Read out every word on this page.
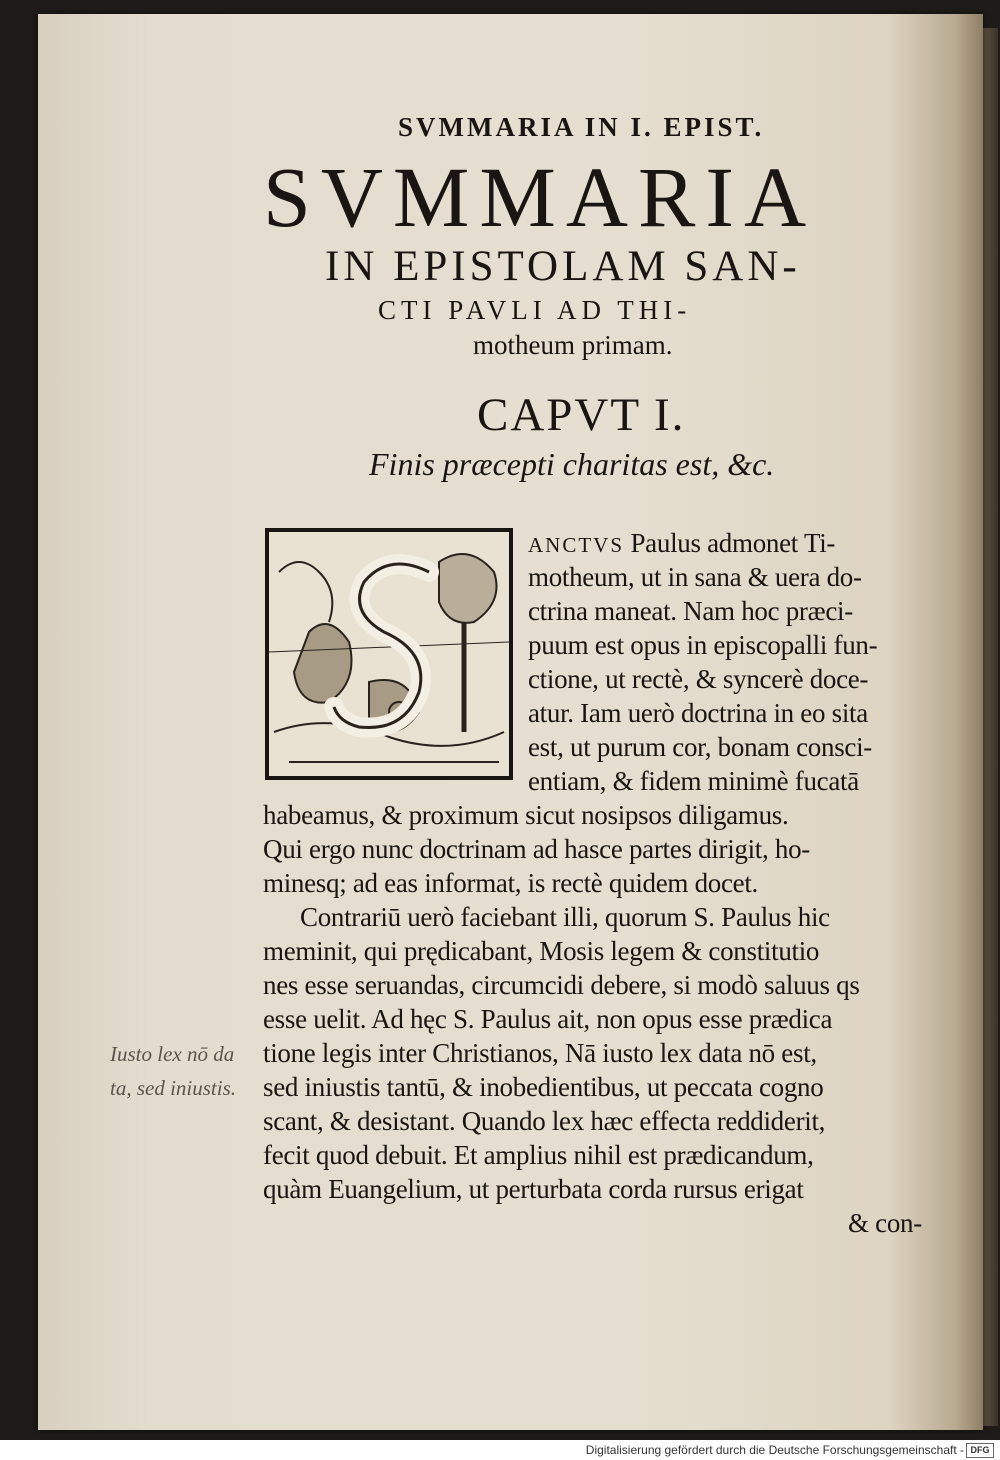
SVMMARIA IN I. EPIST.
SVMMARIA
IN EPISTOLAM SAN-
CTI PAVLI AD THI-
motheum primam.
CAPVT I.
Finis præcepti charitas est, &c.
ANCTVS Paulus admonet Ti-
motheum, ut in sana & uera do-
ctrina maneat. Nam hoc præci-
puum est opus in episcopalli fun-
ctione, ut rectè, & syncerè doce-
atur. Iam uerò doctrina in eo sita
est, ut purum cor, bonam consci-
entiam, & fidem minimè fucatā
habeamus, & proximum sicut nosipsos diligamus.
Qui ergo nunc doctrinam ad hasce partes dirigit, ho-
minesq; ad eas informat, is rectè quidem docet.
Contrariū uerò faciebant illi, quorum S. Paulus hic
meminit, qui prędicabant, Mosis legem & constitutio
nes esse seruandas, circumcidi debere, si modò saluus qs
esse uelit. Ad hęc S. Paulus ait, non opus esse prædica
tione legis inter Christianos, Nā iusto lex data nō est,
sed iniustis tantū, & inobedientibus, ut peccata cogno
scant, & desistant. Quando lex hæc effecta reddiderit,
fecit quod debuit. Et amplius nihil est prædicandum,
quàm Euangelium, ut perturbata corda rursus erigat
& con-
Iusto lex nō da
ta, sed iniustis.
Digitalisierung gefördert durch die Deutsche Forschungsgemeinschaft - DFG
